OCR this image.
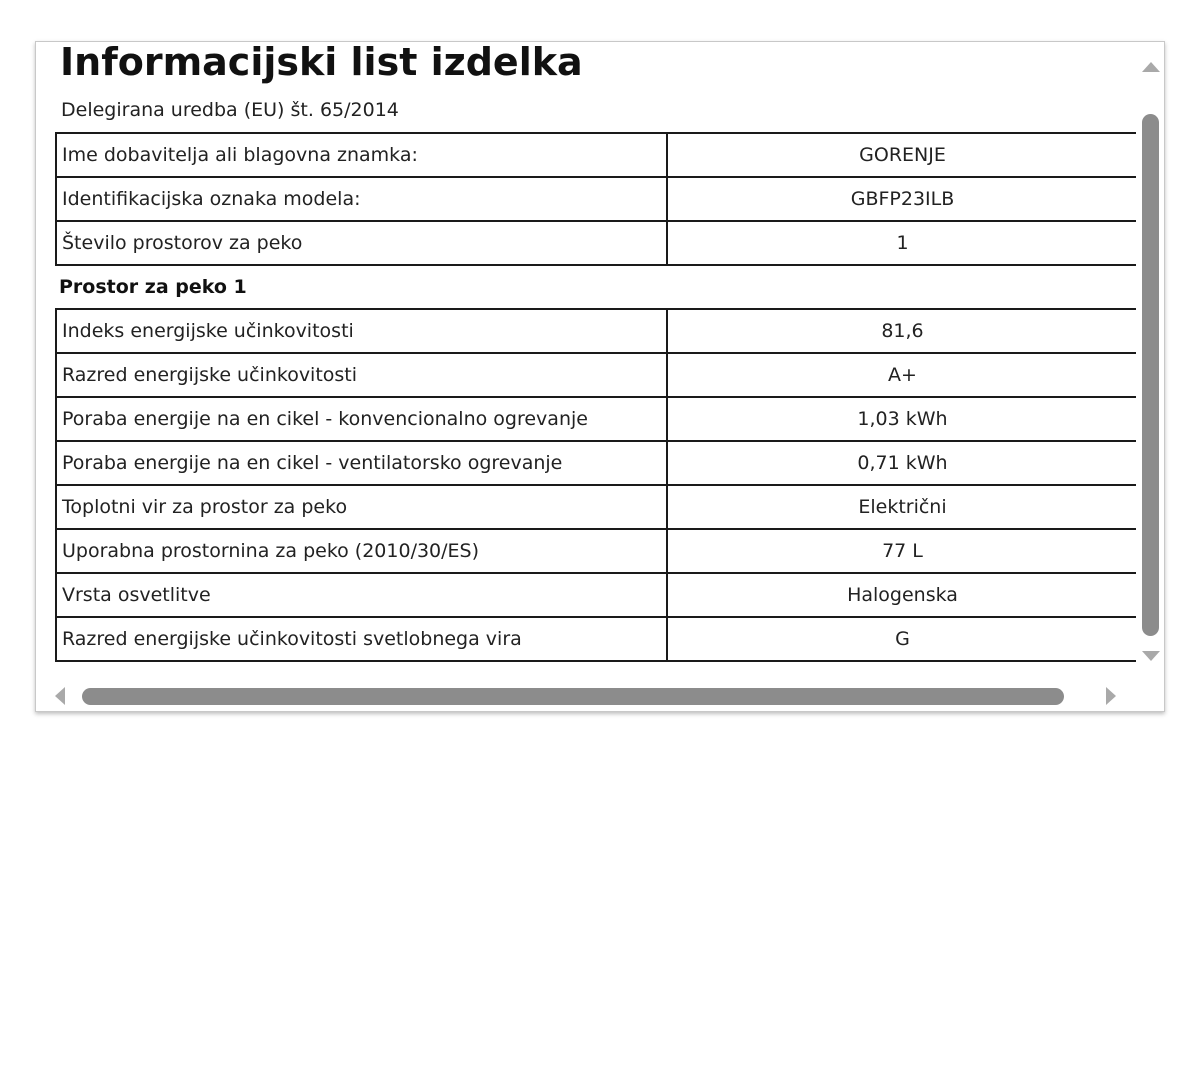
Informacijski list izdelka
Delegirana uredba (EU) št. 65/2014
Ime dobavitelja ali blagovna znamka:	GORENJE
Identifikacijska oznaka modela:	GBFP23ILB
Število prostorov za peko	1
Prostor za peko 1	
Indeks energijske učinkovitosti	81,6
Razred energijske učinkovitosti	A+
Poraba energije na en cikel - konvencionalno ogrevanje	1,03 kWh
Poraba energije na en cikel - ventilatorsko ogrevanje	0,71 kWh
Toplotni vir za prostor za peko	Električni
Uporabna prostornina za peko (2010/30/ES)	77 L
Vrsta osvetlitve	Halogenska
Razred energijske učinkovitosti svetlobnega vira	G
